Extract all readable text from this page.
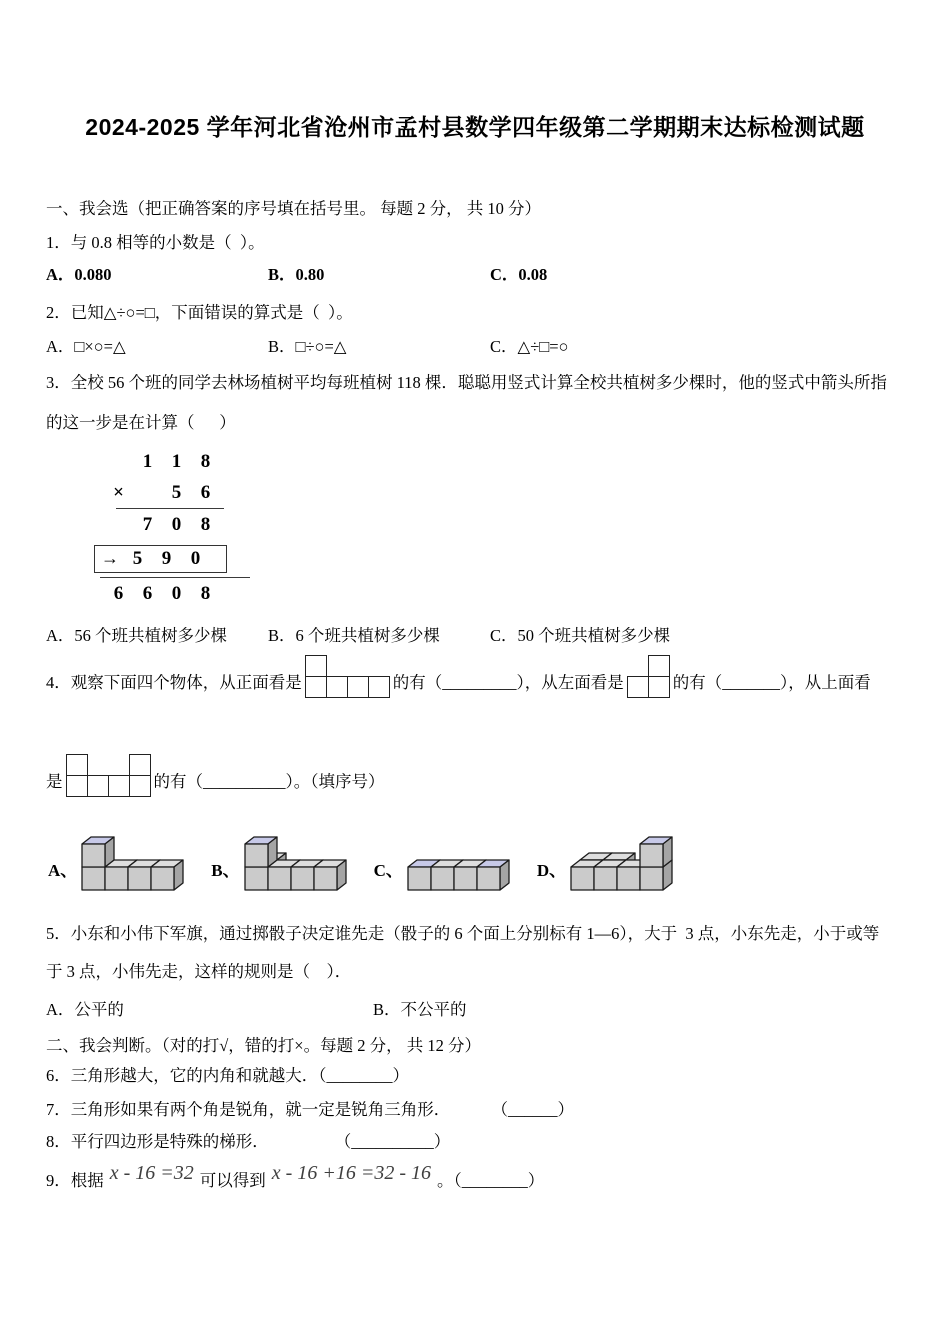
2024-2025 学年河北省沧州市孟村县数学四年级第二学期期末达标检测试题
一、我会选（把正确答案的序号填在括号里。 每题 2 分， 共 10 分）
1．与 0.8 相等的小数是（  ）。
A．0.080	B．0.80	C．0.08
2．已知△÷○=□，下面错误的算式是（  ）。
A．□×○=△	B．□÷○=△	C．△÷□=○
3．全校 56 个班的同学去林场植树平均每班植树 118 棵．聪聪用竖式计算全校共植树多少棵时，他的竖式中箭头所指
的这一步是在计算（      ）
1	1	8
×	5	6
7	0	8
→ 5	9	0
6	6	0	8
A．56 个班共植树多少棵	B．6 个班共植树多少棵	C．50 个班共植树多少棵
4．观察下面四个物体，从正面看是	的有（_________），从左面看是	的有（_______），从上面看
是	的有（__________）。（填序号）
A、	B、	C、	D、
5．小东和小伟下军旗，通过掷骰子决定谁先走（骰子的 6 个面上分别标有 1—6），大于  3 点，小东先走，小于或等
于 3 点，小伟先走，这样的规则是（　）．
A．公平的	B．不公平的
二、我会判断。（对的打√，错的打×。每题 2 分， 共 12 分）
6．三角形越大，它的内角和就越大．（________）
7．三角形如果有两个角是锐角，就一定是锐角三角形．          （______）
8．平行四边形是特殊的梯形．                （__________）
9．根据 x - 16 =32 可以得到 x - 16 +16 =32 - 16 。（________）
